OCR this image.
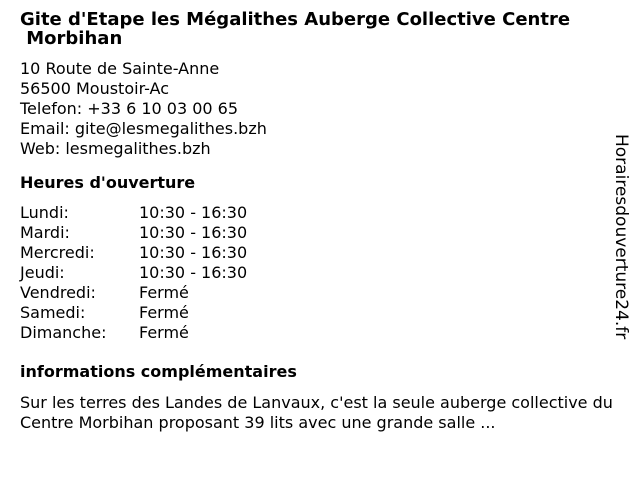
Gite d'Etape les Mégalithes Auberge Collective Centre
Morbihan
10 Route de Sainte-Anne
56500 Moustoir-Ac
Telefon: +33 6 10 03 00 65
Email: gite@lesmegalithes.bzh
Web: lesmegalithes.bzh
Heures d'ouverture
Lundi:	10:30 - 16:30
Mardi:	10:30 - 16:30
Mercredi:	10:30 - 16:30
Jeudi:	10:30 - 16:30
Vendredi:	Fermé
Samedi:	Fermé
Dimanche:	Fermé
informations complémentaires
Sur les terres des Landes de Lanvaux, c'est la seule auberge collective du Centre Morbihan proposant 39 lits avec une grande salle ...
Horairesdouverture24.fr
